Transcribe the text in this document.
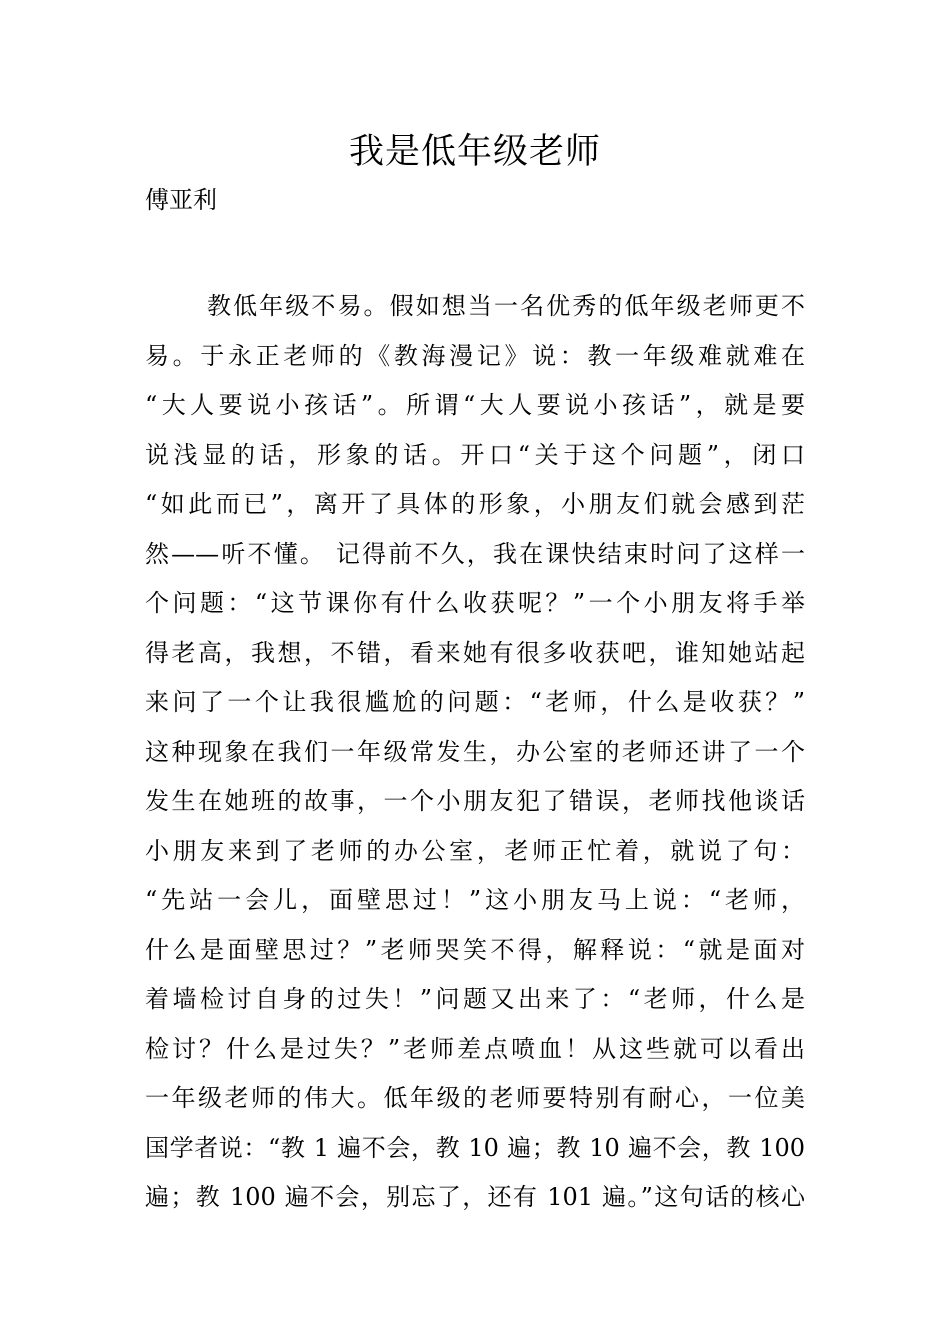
我是低年级老师

傅亚利

教低年级不易。假如想当一名优秀的低年级老师更不
易。于永正老师的《教海漫记》说：教一年级难就难在
“大人要说小孩话”。所谓“大人要说小孩话”，就是要
说浅显的话，形象的话。开口“关于这个问题”，闭口
“如此而已”，离开了具体的形象，小朋友们就会感到茫
然——听不懂。 记得前不久，我在课快结束时问了这样一
个问题：“这节课你有什么收获呢？”一个小朋友将手举
得老高，我想，不错，看来她有很多收获吧，谁知她站起
来问了一个让我很尴尬的问题：“老师，什么是收获？”
这种现象在我们一年级常发生，办公室的老师还讲了一个
发生在她班的故事，一个小朋友犯了错误，老师找他谈话
小朋友来到了老师的办公室，老师正忙着，就说了句：
“先站一会儿，面壁思过！”这小朋友马上说：“老师，
什么是面壁思过？”老师哭笑不得，解释说：“就是面对
着墙检讨自身的过失！”问题又出来了：“老师，什么是
检讨？什么是过失？”老师差点喷血！从这些就可以看出
一年级老师的伟大。低年级的老师要特别有耐心，一位美
国学者说：“教 1 遍不会，教 10 遍；教 10 遍不会，教 100
遍；教 100 遍不会，别忘了，还有 101 遍。”这句话的核心
